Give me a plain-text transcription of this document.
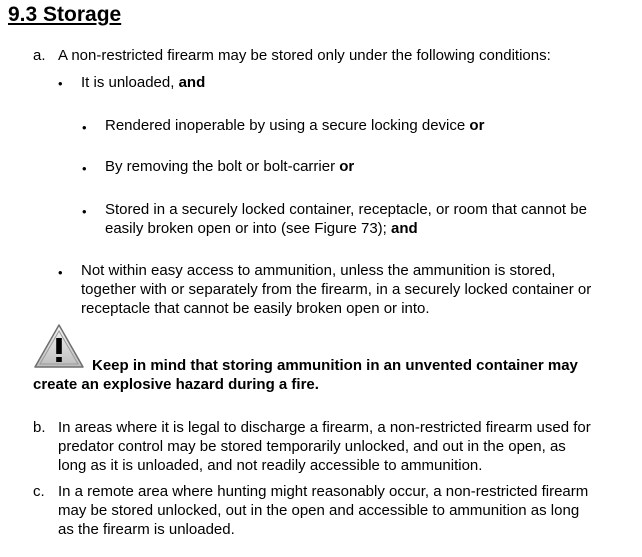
9.3 Storage
a. A non-restricted firearm may be stored only under the following conditions:
• It is unloaded, and
• Rendered inoperable by using a secure locking device or
• By removing the bolt or bolt-carrier or
• Stored in a securely locked container, receptacle, or room that cannot be
easily broken open or into (see Figure 73); and
• Not within easy access to ammunition, unless the ammunition is stored,
together with or separately from the firearm, in a securely locked container or
receptacle that cannot be easily broken open or into.
Keep in mind that storing ammunition in an unvented container may
create an explosive hazard during a fire.
b. In areas where it is legal to discharge a firearm, a non-restricted firearm used for
predator control may be stored temporarily unlocked, and out in the open, as
long as it is unloaded, and not readily accessible to ammunition.
c. In a remote area where hunting might reasonably occur, a non-restricted firearm
may be stored unlocked, out in the open and accessible to ammunition as long
as the firearm is unloaded.
